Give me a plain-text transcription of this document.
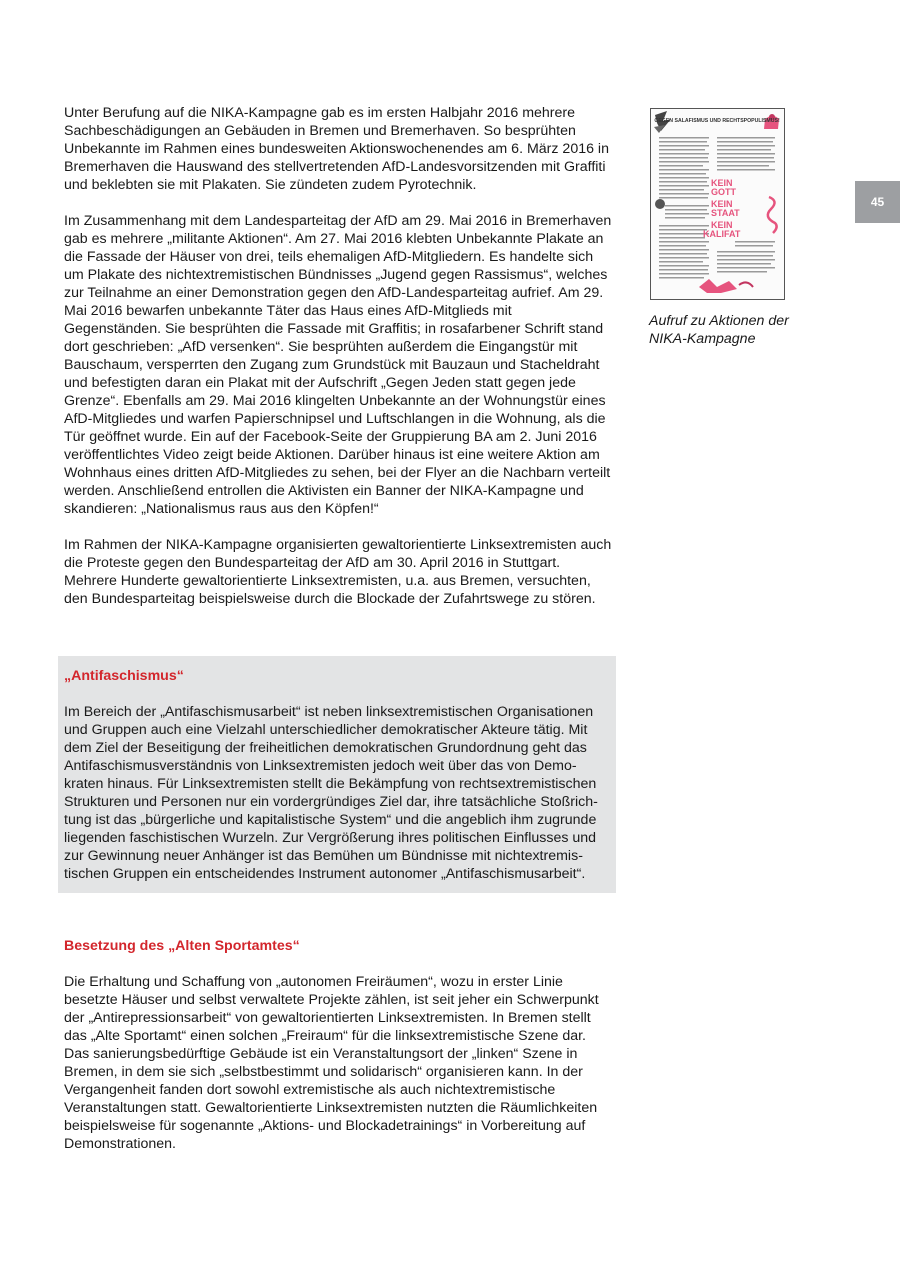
45

Unter Berufung auf die NIKA-Kampagne gab es im ersten Halbjahr 2016 mehrere Sachbeschädigungen an Gebäuden in Bremen und Bremerhaven. So besprühten Unbekannte im Rahmen eines bundesweiten Aktionswochenendes am 6. März 2016 in Bremerhaven die Hauswand des stellvertretenden AfD-Landesvorsitzenden mit Graffiti und beklebten sie mit Plakaten. Sie zündeten zudem Pyrotechnik.

Im Zusammenhang mit dem Landesparteitag der AfD am 29. Mai 2016 in Bremerhaven gab es mehrere „militante Aktionen“. Am 27. Mai 2016 klebten Unbekannte Plakate an die Fassade der Häuser von drei, teils ehemaligen AfD-Mitgliedern. Es handelte sich um Plakate des nichtextremistischen Bündnisses „Jugend gegen Rassismus“, welches zur Teilnahme an einer Demonstration gegen den AfD-Landesparteitag aufrief. Am 29. Mai 2016 bewarfen unbekannte Täter das Haus eines AfD-Mitglieds mit Gegenständen. Sie besprühten die Fassade mit Graffitis; in rosafarbener Schrift stand dort geschrieben: „AfD versenken“. Sie besprühten außerdem die Eingangstür mit Bauschaum, versperrten den Zugang zum Grundstück mit Bauzaun und Stacheldraht und befestigten daran ein Plakat mit der Aufschrift „Gegen Jeden statt gegen jede Grenze“. Ebenfalls am 29. Mai 2016 klingelten Unbekannte an der Wohnungstür eines AfD-Mitgliedes und warfen Papierschnipsel und Luftschlangen in die Wohnung, als die Tür geöffnet wurde. Ein auf der Facebook-Seite der Gruppierung BA am 2. Juni 2016 veröffentlichtes Video zeigt beide Aktionen. Darüber hinaus ist eine weitere Aktion am Wohnhaus eines dritten AfD-Mitgliedes zu sehen, bei der Flyer an die Nachbarn verteilt werden. Anschließend entrollen die Aktivisten ein Banner der NIKA-Kampagne und skandieren: „Nationalismus raus aus den Köpfen!“

Im Rahmen der NIKA-Kampagne organisierten gewaltorientierte Linksextremisten auch die Proteste gegen den Bundesparteitag der AfD am 30. April 2016 in Stuttgart. Mehrere Hunderte gewaltorientierte Linksextremisten, u.a. aus Bremen, versuchten, den Bundesparteitag beispielsweise durch die Blockade der Zufahrtswege zu stören.

„Antifaschismus“

Im Bereich der „Antifaschismusarbeit“ ist neben linksextremistischen Organisationen und Gruppen auch eine Vielzahl unterschiedlicher demokratischer Akteure tätig. Mit dem Ziel der Beseitigung der freiheitlichen demokratischen Grundordnung geht das Antifaschismusverständnis von Linksextremisten jedoch weit über das von Demokraten hinaus. Für Linksextremisten stellt die Bekämpfung von rechtsextremistischen Strukturen und Personen nur ein vordergründiges Ziel dar, ihre tatsächliche Stoßrichtung ist das „bürgerliche und kapitalistische System“ und die angeblich ihm zugrunde liegenden faschistischen Wurzeln. Zur Vergrößerung ihres politischen Einflusses und zur Gewinnung neuer Anhänger ist das Bemühen um Bündnisse mit nichtextremistischen Gruppen ein entscheidendes Instrument autonomer „Antifaschismusarbeit“.

Besetzung des „Alten Sportamtes“

Die Erhaltung und Schaffung von „autonomen Freiräumen“, wozu in erster Linie besetzte Häuser und selbst verwaltete Projekte zählen, ist seit jeher ein Schwerpunkt der „Antirepressionsarbeit“ von gewaltorientierten Linksextremisten. In Bremen stellt das „Alte Sportamt“ einen solchen „Freiraum“ für die linksextremistische Szene dar. Das sanierungsbedürftige Gebäude ist ein Veranstaltungsort der „linken“ Szene in Bremen, in dem sie sich „selbstbestimmt und solidarisch“ organisieren kann. In der Vergangenheit fanden dort sowohl extremistische als auch nichtextremistische Veranstaltungen statt. Gewaltorientierte Linksextremisten nutzten die Räumlichkeiten beispielsweise für sogenannte „Aktions- und Blockadetrainings“ in Vorbereitung auf Demonstrationen.

GEGEN SALAFISMUS UND RECHTSPOPULISMUS!
KEIN
GOTT
KEIN
STAAT
KEIN
KALIFAT
Aufruf zu Aktionen der NIKA-Kampagne
